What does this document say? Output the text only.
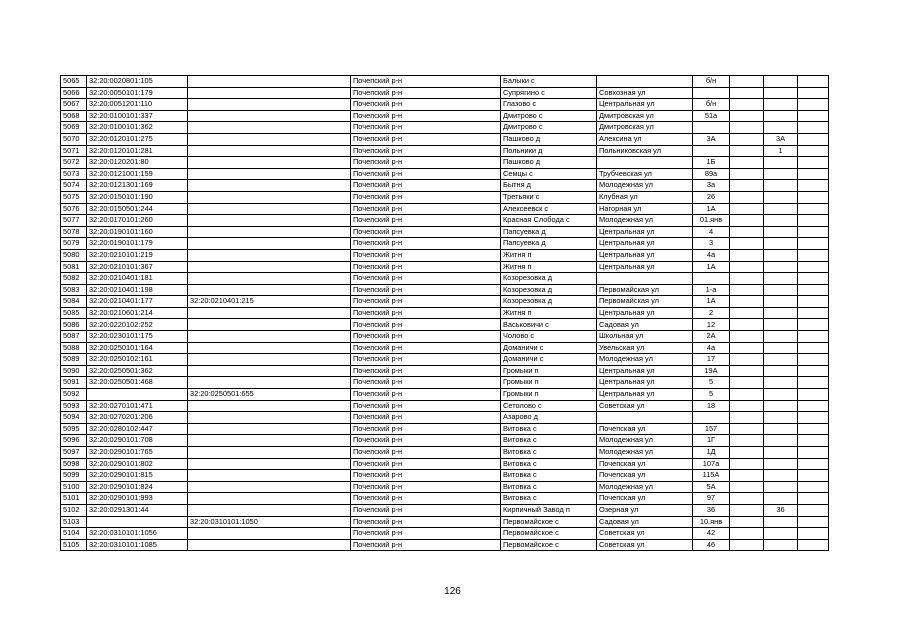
5065	32:20:0020801:105		Почепский р-н	Балыки с		б/н			
5066	32:20:0050101:179		Почепский р-н	Супрягино с	Совхозная ул				
5067	32:20:0051201:110		Почепский р-н	Глазово с	Центральная ул	б/н			
5068	32:20:0100101:337		Почепский р-н	Дмитрово с	Дмитровская ул	51а			
5069	32:20:0100101:362		Почепский р-н	Дмитрово с	Дмитровская ул				
5070	32:20:0120101:275		Почепский р-н	Пашково д	Алексина ул	3А		3А	
5071	32:20:0120101:281		Почепский р-н	Польники д	Польниковская ул			1	
5072	32:20:0120201:80		Почепский р-н	Пашково д		1Б			
5073	32:20:0121001:159		Почепский р-н	Семцы с	Трубчевская ул	89а			
5074	32:20:0121301:169		Почепский р-н	Бытня д	Молодежная ул	3а			
5075	32:20:0150101:190		Почепский р-н	Третьяки с	Клубная ул	26			
5076	32:20:0150501:244		Почепский р-н	Алексеевск с	Нагорная ул	1А			
5077	32:20:0170101:260		Почепский р-н	Красная Слобода с	Молодежная ул	01.янв			
5078	32:20:0190101:160		Почепский р-н	Папсуевка д	Центральная ул	4			
5079	32:20:0190101:179		Почепский р-н	Папсуевка д	Центральная ул	3			
5080	32:20:0210101:219		Почепский р-н	Житня п	Центральная ул	4а			
5081	32:20:0210101:367		Почепский р-н	Житня п	Центральная ул	1А			
5082	32:20:0210401:181		Почепский р-н	Козорезовка д					
5083	32:20:0210401:198		Почепский р-н	Козорезовка д	Первомайская ул	1-а			
5084	32:20:0210401:177	32:20:0210401:215	Почепский р-н	Козорезовка д	Первомайская ул	1А			
5085	32:20:0210601:214		Почепский р-н	Житня п	Центральная ул	2			
5086	32:20:0220102:252		Почепский р-н	Васьковичи с	Садовая ул	12			
5087	32:20:0230101:175		Почепский р-н	Чолово с	Школьная ул	2А			
5088	32:20:0250101:164		Почепский р-н	Доманичи с	Увельская ул	4а			
5089	32:20:0250102:161		Почепский р-н	Доманичи с	Молодежная ул	17			
5090	32:20:0250501:362		Почепский р-н	Громыки п	Центральная ул	19А			
5091	32:20:0250501:468		Почепский р-н	Громыки п	Центральная ул	5			
5092		32:20:0250501:655	Почепский р-н	Громыки п	Центральная ул	5			
5093	32:20:0270101:471		Почепский р-н	Сетолово с	Советская ул	18			
5094	32:20:0270201:206		Почепский р-н	Азарово д					
5095	32:20:0280102:447		Почепский р-н	Витовка с	Почепская ул	157			
5096	32:20:0290101:708		Почепский р-н	Витовка с	Молодежная ул	1Г			
5097	32:20:0290101:765		Почепский р-н	Витовка с	Молодежная ул	1Д			
5098	32:20:0290101:802		Почепский р-н	Витовка с	Почепская ул	107а			
5099	32:20:0290101:815		Почепский р-н	Витовка с	Почепская ул	115А			
5100	32:20:0290101:824		Почепский р-н	Витовка с	Молодежная ул	5А			
5101	32:20:0290101:993		Почепский р-н	Витовка с	Почепская ул	97			
5102	32:20:0291301:44		Почепский р-н	Кирпичный Завод п	Озерная ул	36		36	
5103		32:20:0310101:1050	Почепский р-н	Первомайское с	Садовая ул	10.янв			
5104	32:20:0310101:1056		Почепский р-н	Первомайское с	Советская ул	42			
5105	32:20:0310101:1085		Почепский р-н	Первомайское с	Советская ул	46			
126
